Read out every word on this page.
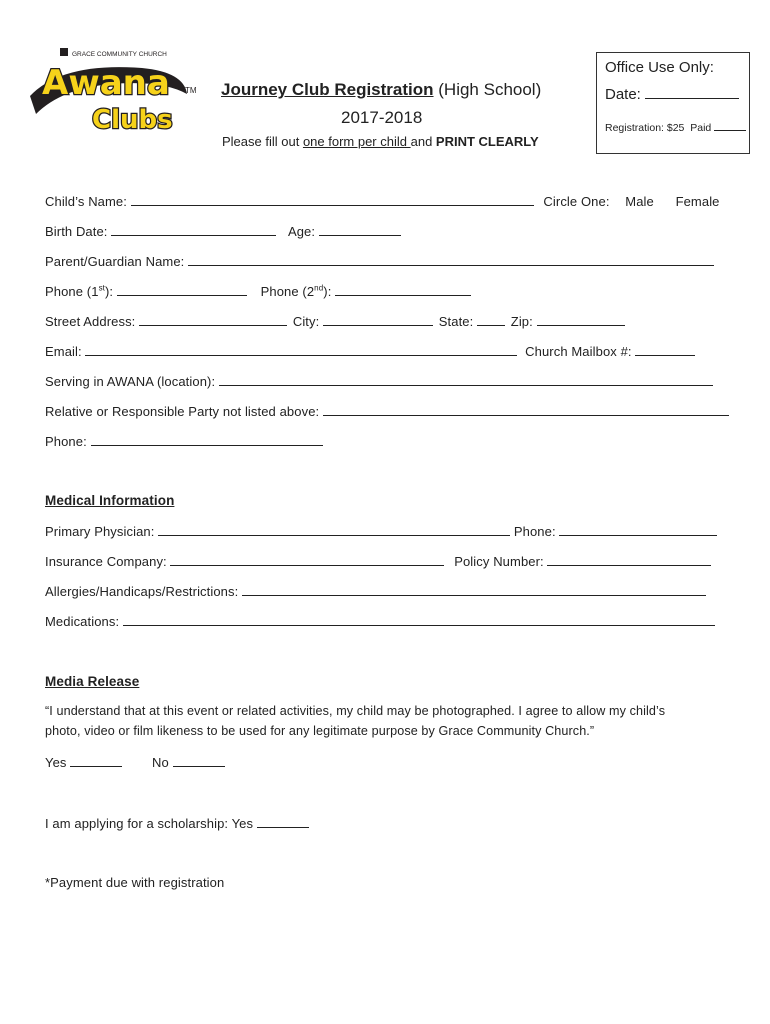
GRACE COMMUNITY CHURCH
Awana
Clubs
TM Journey Club Registration (High School)
2017-2018
Please fill out one form per child and PRINT CLEARLY
Office Use Only:
Date:
Registration: $25 Paid
Child’s Name:	Circle One: Male Female
Birth Date:	Age:
Parent/Guardian Name:
Phone (1st):	Phone (2nd):
Street Address:	City:	State:	Zip:
Email:	Church Mailbox #:
Serving in AWANA (location):
Relative or Responsible Party not listed above:
Phone:
Medical Information
Primary Physician:	Phone:
Insurance Company:	Policy Number:
Allergies/Handicaps/Restrictions:
Medications:
Media Release
“I understand that at this event or related activities, my child may be photographed. I agree to allow my child’s
photo, video or film likeness to be used for any legitimate purpose by Grace Community Church.”
Yes	No
I am applying for a scholarship: Yes
*Payment due with registration
